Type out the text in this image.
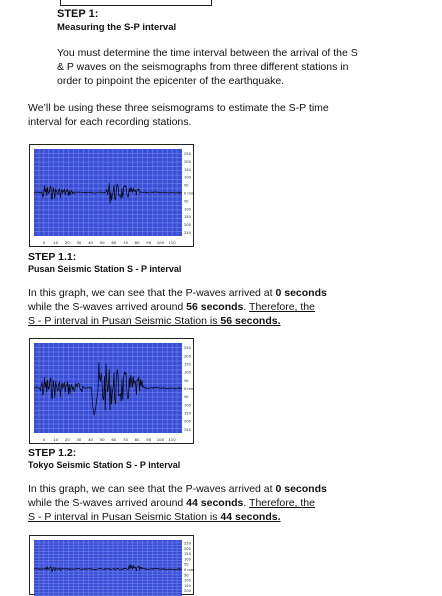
STEP 1:
Measuring the S-P interval
You must determine the time interval between the arrival of the S & P waves on the seismographs from three different stations in order to pinpoint the epicenter of the earthquake.
We’ll be using these three seismograms to estimate the S-P time interval for each recording stations.
250
200
150
100
50
0 mm
50
100
150
200
250
0 10 20 30 40 50 60 70 80 90 100 110
STEP 1.1:
Pusan Seismic Station S - P interval
In this graph, we can see that the P-waves arrived at 0 seconds while the S-waves arrived around 56 seconds. Therefore, the
S - P interval in Pusan Seismic Station is 56 seconds.
250
200
150
100
50
0 mm
50
100
150
200
250
0 10 20 30 40 50 60 70 80 90 100 110
STEP 1.2:
Tokyo Seismic Station S - P interval
In this graph, we can see that the P-waves arrived at 0 seconds while the S-waves arrived around 44 seconds. Therefore, the
S - P interval in Pusan Seismic Station is 44 seconds.
250
200
150
100
50
0 mm
50
100
150
200
